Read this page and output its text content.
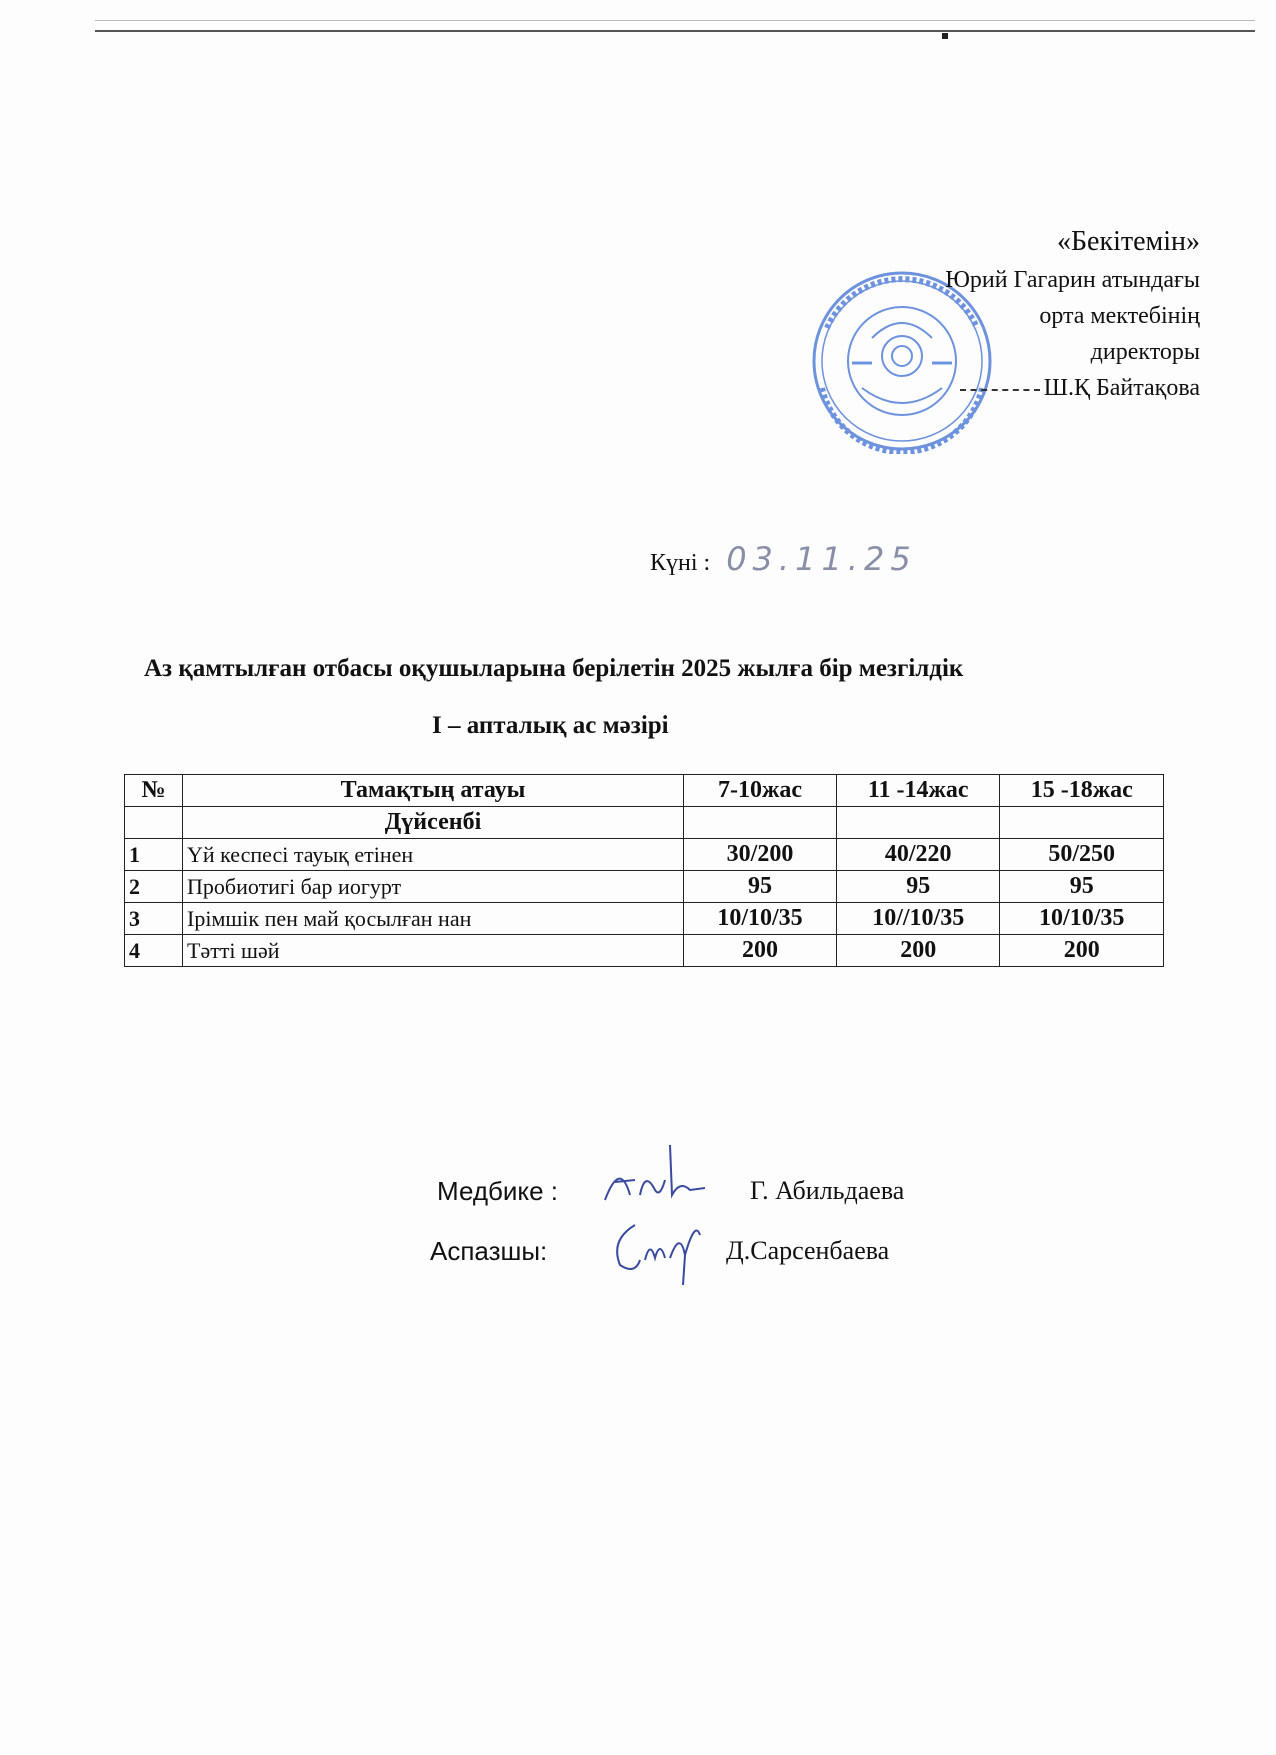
«Бекітемін»
Юрий Гагарин атындағы
орта мектебінің
директоры
Ш.Қ Байтақова
Күні : 03.11.25
Аз қамтылған отбасы оқушыларына берілетін 2025 жылға бір мезгілдік
I – апталық ас мәзірі
№	Тамақтың атауы	7-10жас	11 -14жас	15 -18жас
	Дүйсенбі			
1	Үй кеспесі тауық етінен	30/200	40/220	50/250
2	Пробиотигі бар иогурт	95	95	95
3	Ірімшік пен май қосылған нан	10/10/35	10//10/35	10/10/35
4	Тәтті шәй	200	200	200
Медбике :	Г. Абильдаева
Аспазшы:	Д.Сарсенбаева
